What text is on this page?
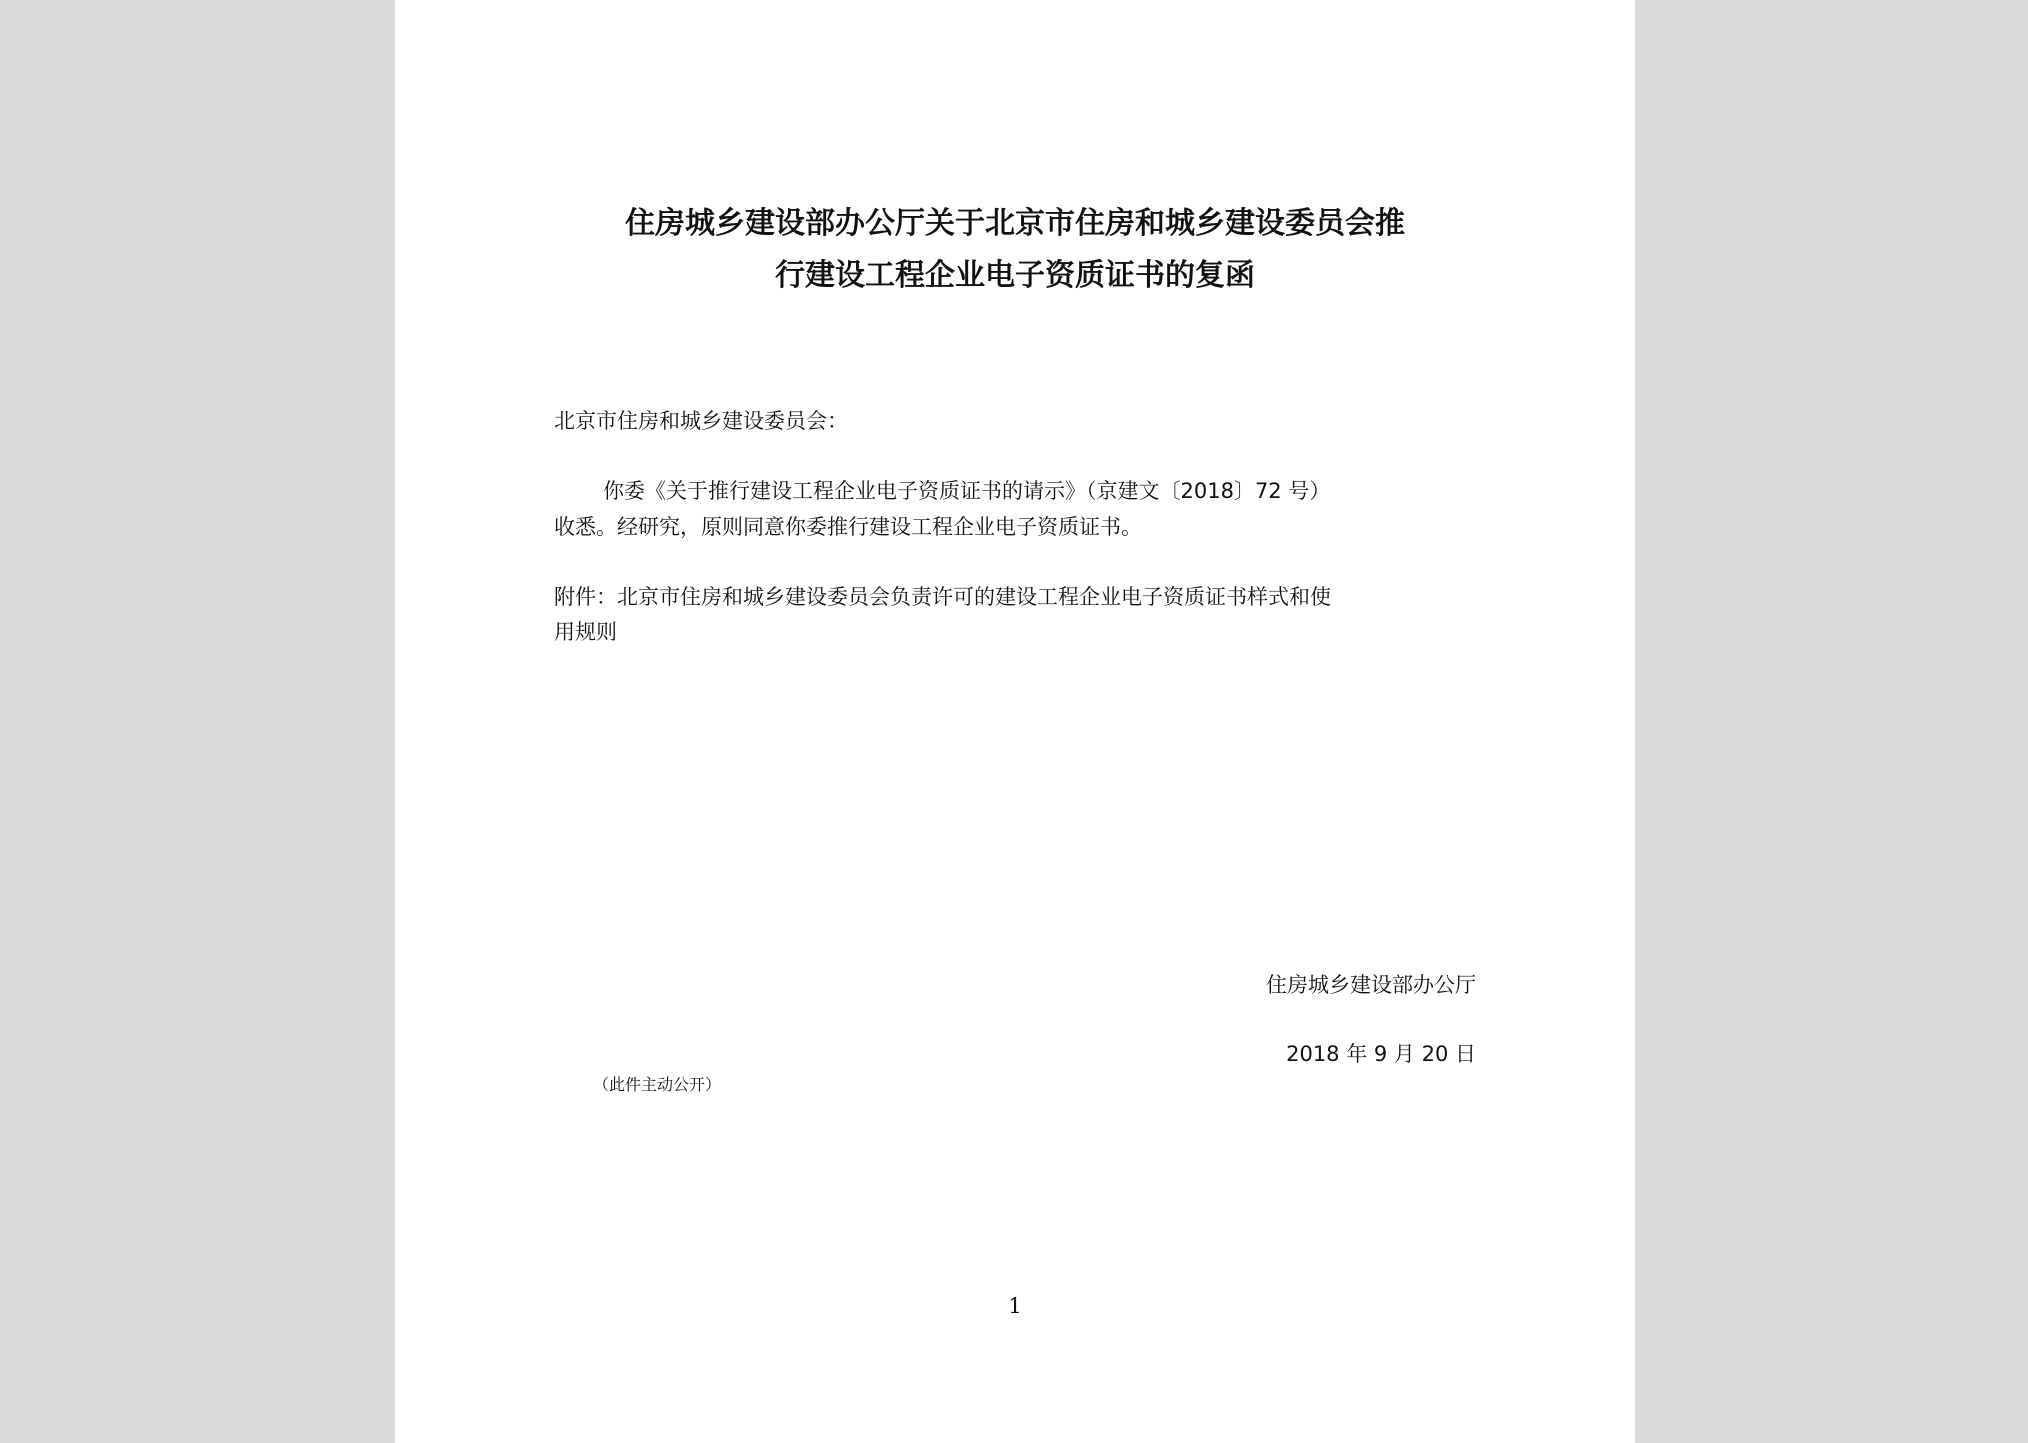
住房城乡建设部办公厅关于北京市住房和城乡建设委员会推
行建设工程企业电子资质证书的复函

北京市住房和城乡建设委员会：

你委《关于推行建设工程企业电子资质证书的请示》（京建文〔2018〕72 号）

收悉。经研究，原则同意你委推行建设工程企业电子资质证书。

附件：北京市住房和城乡建设委员会负责许可的建设工程企业电子资质证书样式和使

用规则

住房城乡建设部办公厅
2018 年 9 月 20 日
（此件主动公开）
1
